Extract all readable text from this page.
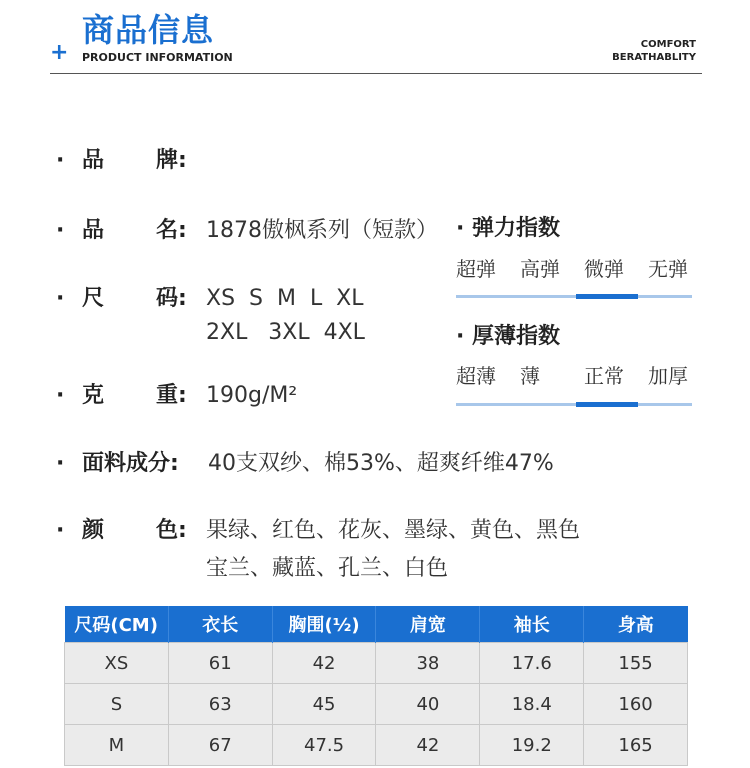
+
商品信息
PRODUCT INFORMATION
COMFORT
BERATHABLITY
· 品 牌:
· 品 名: 1878傲枫系列（短款）
· 尺 码: XS  S  M  L  XL
2XL   3XL  4XL
· 克 重: 190g/M²
· 面料成分: 40支双纱、棉53%、超爽纤维47%
· 颜 色: 果绿、红色、花灰、墨绿、黄色、黑色
宝兰、藏蓝、孔兰、白色
· 弹力指数
超弹 高弹 微弹 无弹
· 厚薄指数
超薄 薄 正常 加厚
尺码(CM)	衣长	胸围(½)	肩宽	袖长	身高
XS	61	42	38	17.6	155
S	63	45	40	18.4	160
M	67	47.5	42	19.2	165
